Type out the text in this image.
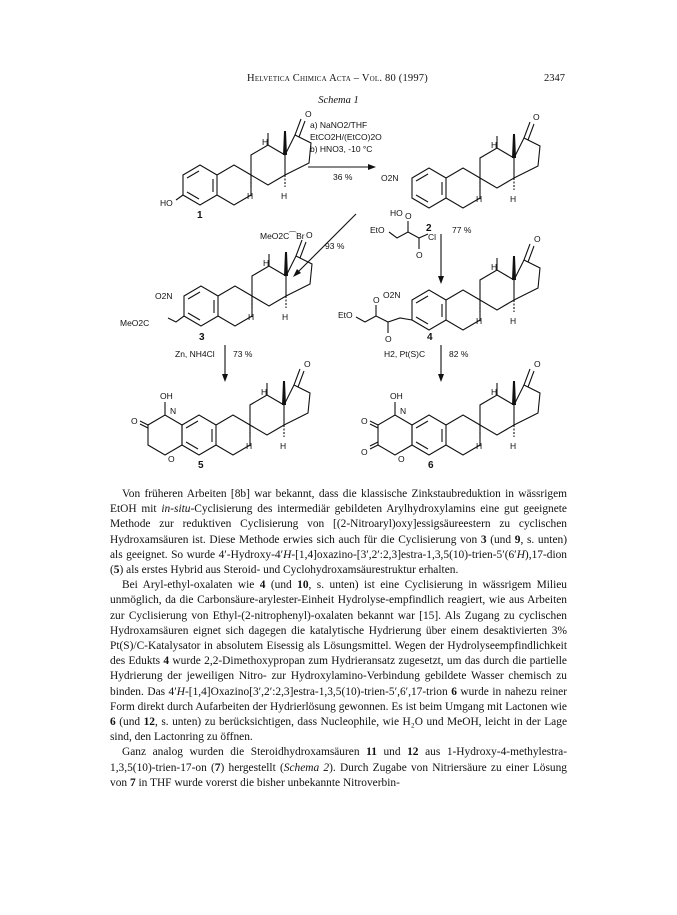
Helvetica Chimica Acta – Vol. 80 (1997)	2347
Schema 1
O
H
H	H
HO
1
a) NaNO2/THF
EtCO2H/(EtCO)2O
b) HNO3, -10 °C
36 %
O
O2N
HO
H
H	H
2
MeO2C⁀Br
93 %
EtO
O
O
Cl
77 %
O
O2N
H
H	H
MeO2C
3
O
O2N
EtO
O
O
H
H	H
4
Zn, NH4Cl 73 %	H2, Pt(S)C	82 %
O
OH
N
O
O
H
H	H
5
O
OH
N
O
O
O
H
H	H
6

Von früheren Arbeiten [8b] war bekannt, dass die klassische Zinkstaubreduktion in wässrigem EtOH mit in-situ-Cyclisierung des intermediär gebildeten Arylhydroxylamins eine gut geeignete Methode zur reduktiven Cyclisierung von [(2-Nitroaryl)oxy]essigsäureestern zu cyclischen Hydroxamsäuren ist. Diese Methode erwies sich auch für die Cyclisierung von 3 (und 9, s. unten) als geeignet. So wurde 4′-Hydroxy-4′H-[1,4]oxazino-[3′,2′:2,3]estra-1,3,5(10)-trien-5′(6′H),17-dion (5) als erstes Hybrid aus Steroid- und Cyclohydroxamsäurestruktur erhalten.

Bei Aryl-ethyl-oxalaten wie 4 (und 10, s. unten) ist eine Cyclisierung in wässrigem Milieu unmöglich, da die Carbonsäure-arylester-Einheit Hydrolyse-empfindlich reagiert, wie aus Arbeiten zur Cyclisierung von Ethyl-(2-nitrophenyl)-oxalaten bekannt war [15]. Als Zugang zu cyclischen Hydroxamsäuren eignet sich dagegen die katalytische Hydrierung über einem desaktivierten 3% Pt(S)/C-Katalysator in absolutem Eisessig als Lösungsmittel. Wegen der Hydrolyseempfindlichkeit des Edukts 4 wurde 2,2-Dimethoxypropan zum Hydrieransatz zugesetzt, um das durch die partielle Hydrierung der jeweiligen Nitro- zur Hydroxylamino-Verbindung gebildete Wasser chemisch zu binden. Das 4′H-[1,4]Oxazino[3′,2′:2,3]estra-1,3,5(10)-trien-5′,6′,17-trion 6 wurde in nahezu reiner Form direkt durch Aufarbeiten der Hydrierlösung gewonnen. Es ist beim Umgang mit Lactonen wie 6 (und 12, s. unten) zu berücksichtigen, dass Nucleophile, wie H₂O und MeOH, leicht in der Lage sind, den Lactonring zu öffnen.

Ganz analog wurden die Steroidhydroxamsäuren 11 und 12 aus 1-Hydroxy-4-methylestra-1,3,5(10)-trien-17-on (7) hergestellt (Schema 2). Durch Zugabe von Nitriersäure zu einer Lösung von 7 in THF wurde vorerst die bisher unbekannte Nitroverbin-
